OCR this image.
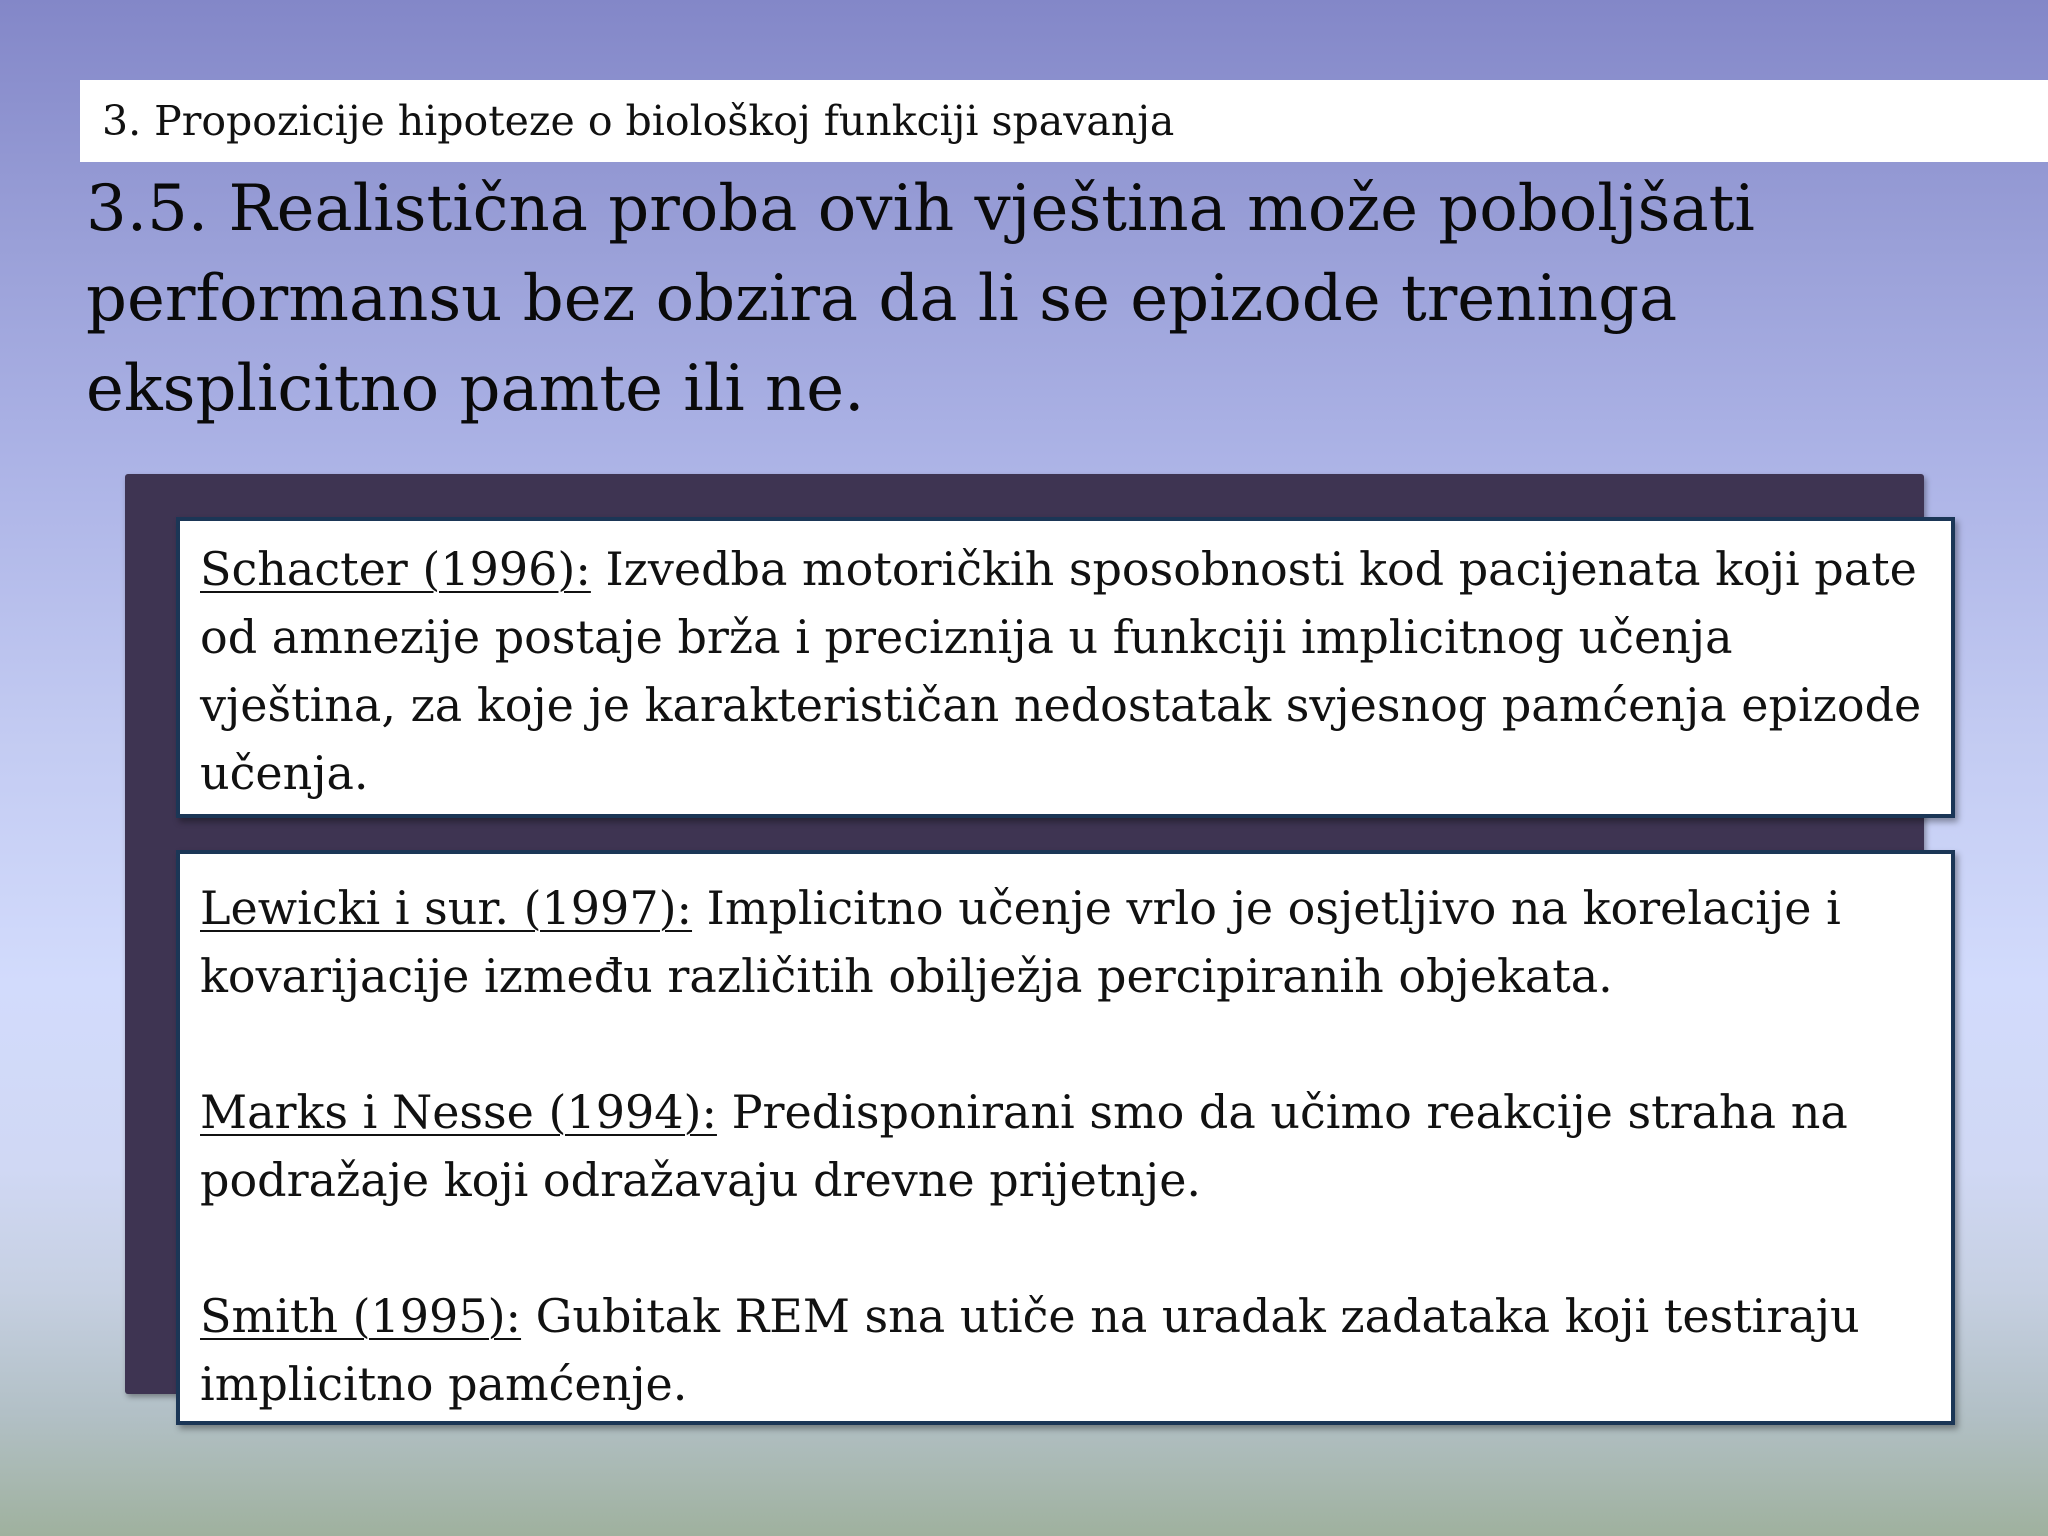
3. Propozicije hipoteze o biološkoj funkciji spavanja
3.5. Realistična proba ovih vještina može poboljšati performansu bez obzira da li se epizode treninga eksplicitno pamte ili ne.

Schacter (1996): Izvedba motoričkih sposobnosti kod pacijenata koji pate od amnezije postaje brža i preciznija u funkciji implicitnog učenja vještina, za koje je karakterističan nedostatak svjesnog pamćenja epizode učenja.

Lewicki i sur. (1997): Implicitno učenje vrlo je osjetljivo na korelacije i kovarijacije između različitih obilježja percipiranih objekata.

Marks i Nesse (1994): Predisponirani smo da učimo reakcije straha na podražaje koji odražavaju drevne prijetnje.

Smith (1995): Gubitak REM sna utiče na uradak zadataka koji testiraju implicitno pamćenje.
